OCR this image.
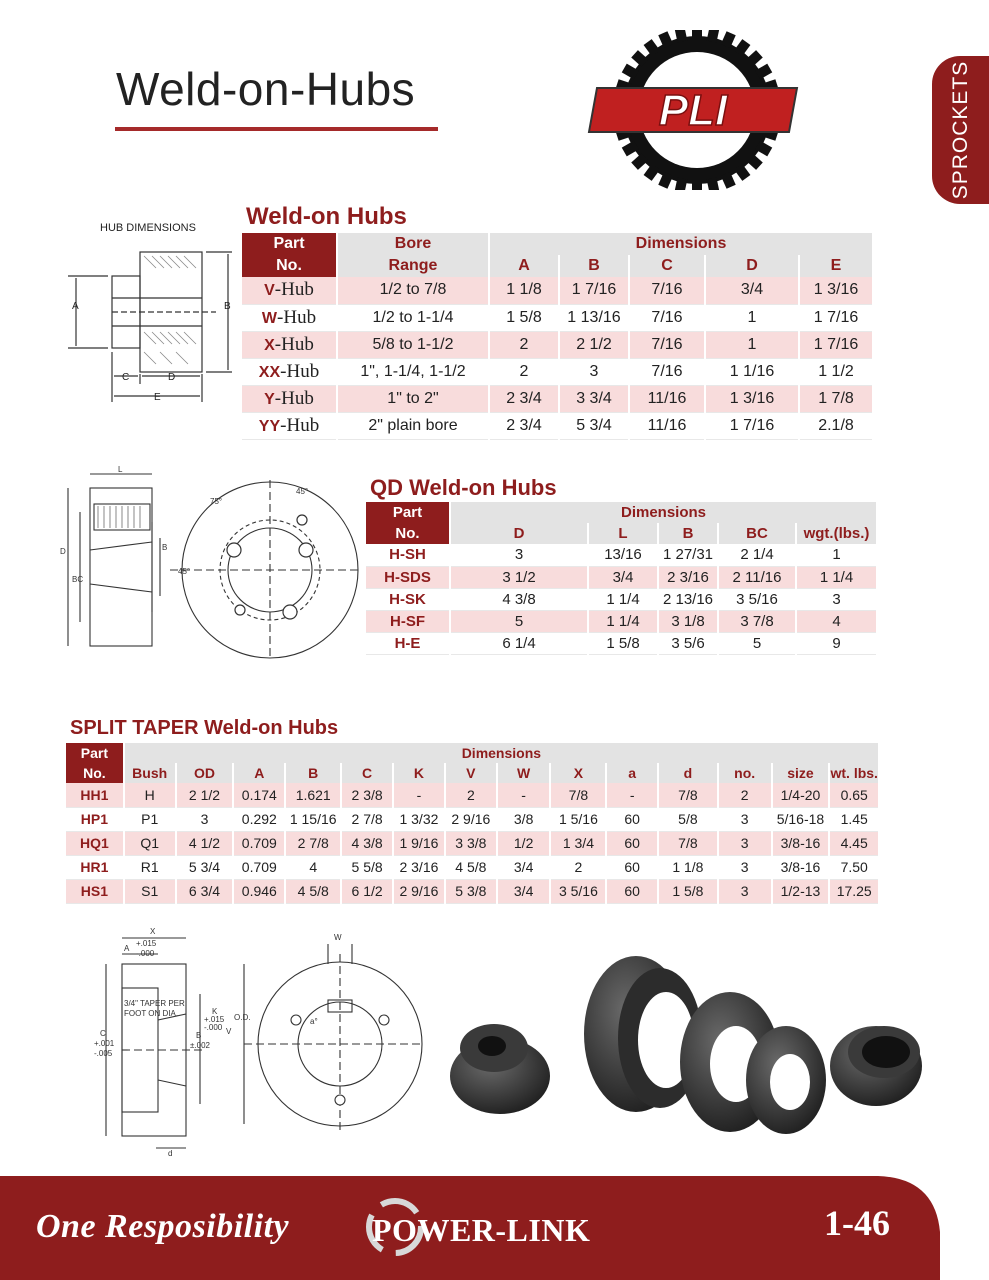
Weld-on-Hubs	PLI	SPROCKETS
HUB DIMENSIONS
A	B
C	D
E
Weld-on Hubs
Part	Bore	Dimensions				
No.	Range	A	B	C	D	E
V-Hub	1/2 to 7/8	1 1/8	1 7/16	7/16	3/4	1 3/16
W-Hub	1/2 to 1-1/4	1 5/8	1 13/16	7/16	1	1 7/16
X-Hub	5/8 to 1-1/2	2	2 1/2	7/16	1	1 7/16
XX-Hub	1", 1-1/4, 1-1/2	2	3	7/16	1 1/16	1 1/2
Y-Hub	1" to 2"	2 3/4	3 3/4	11/16	1 3/16	1 7/8
YY-Hub	2" plain bore	2 3/4	5 3/4	11/16	1 7/16	2.1/8
L
D
BC
B
75°
45°
45°
QD Weld-on Hubs
Part	Dimensions				
No.	D	L	B	BC	wgt.(lbs.)
H-SH	3	13/16	1 27/31	2 1/4	1
H-SDS	3 1/2	3/4	2 3/16	2 11/16	1 1/4
H-SK	4 3/8	1 1/4	2 13/16	3 5/16	3
H-SF	5	1 1/4	3 1/8	3 7/8	4
H-E	6 1/4	1 5/8	3 5/6	5	9
SPLIT TAPER Weld-on Hubs
Part	Dimensions													
No.	Bush	OD	A	B	C	K	V	W	X	a	d	no.	size	wt. lbs.
HH1	H	2 1/2	0.174	1.621	2 3/8	-	2	-	7/8	-	7/8	2	1/4-20	0.65
HP1	P1	3	0.292	1 15/16	2 7/8	1 3/32	2 9/16	3/8	1 5/16	60	5/8	3	5/16-18	1.45
HQ1	Q1	4 1/2	0.709	2 7/8	4 3/8	1 9/16	3 3/8	1/2	1 3/4	60	7/8	3	3/8-16	4.45
HR1	R1	5 3/4	0.709	4	5 5/8	2 3/16	4 5/8	3/4	2	60	1 1/8	3	3/8-16	7.50
HS1	S1	6 3/4	0.946	4 5/8	6 1/2	2 9/16	5 3/8	3/4	3 5/16	60	1 5/8	3	1/2-13	17.25
X
A
+.015
-.000
3/4" TAPER PER
FOOT ON DIA.	K
+.015
-.000
O.D.
C
+.001
-.005
B
±.002
V
W
a°
d
One Resposibility	POWER-LINK	1-46
